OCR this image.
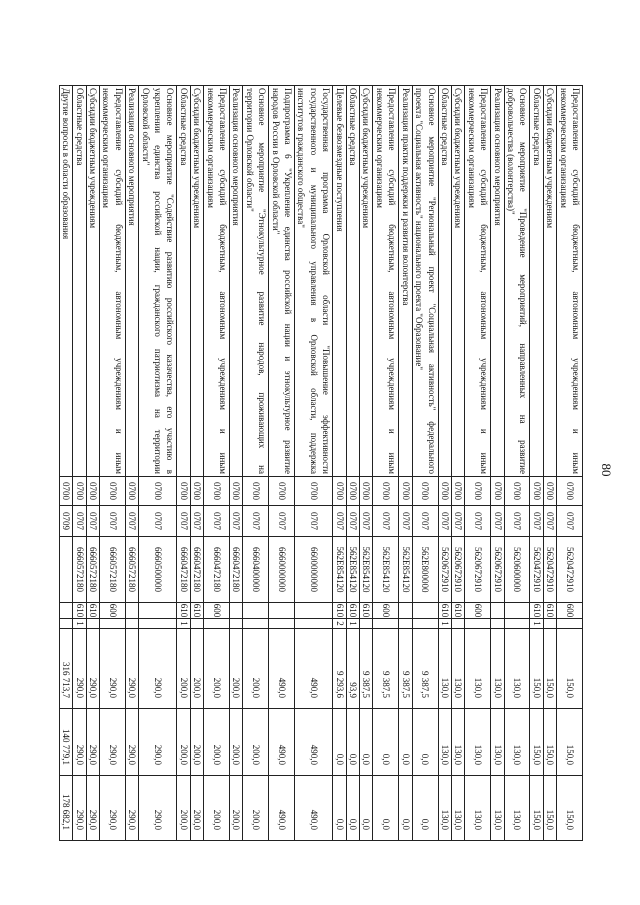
80
Предоставление субсидий бюджетным, автономным учреждениям и иным
некоммерческим организациям	0700	0707	5620472910	600		150,0	150,0	150,0

Субсидии бюджетным учреждениям	0700	0707	5620472910	610		150,0	150,0	150,0

Областные средства	0700	0707	5620472910	610	1	150,0	150,0	150,0

Основное мероприятие "Проведение мероприятий, направленных на развитие
добровольчества (волонтерства)"	0700	0707	5620600000			130,0	130,0	130,0

Реализация основного мероприятия	0700	0707	5620672910			130,0	130,0	130,0

Предоставление субсидий бюджетным, автономным учреждениям и иным
некоммерческим организациям	0700	0707	5620672910	600		130,0	130,0	130,0

Субсидии бюджетным учреждениям	0700	0707	5620672910	610		130,0	130,0	130,0

Областные средства	0700	0707	5620672910	610	1	130,0	130,0	130,0

Основное мероприятие "Региональный проект "Социальная активность" федерального
проекта "Социальная активность" национального проекта "Образование"	0700	0707	562E800000			9 387,5	0,0	0,0

Реализация практик поддержки и развития волонтерства	0700	0707	562E854120			9 387,5	0,0	0,0

Предоставление субсидий бюджетным, автономным учреждениям и иным
некоммерческим организациям	0700	0707	562E854120	600		9 387,5	0,0	0,0

Субсидии бюджетным учреждениям	0700	0707	562E854120	610		9 387,5	0,0	0,0

Областные средства	0700	0707	562E854120	610	1	93,9	0,0	0,0

Целевые безвозмездные поступления	0700	0707	562E854120	610	2	9 293,6	0,0	0,0

Государственная программа Орловской области "Повышение эффективности
государственного и муниципального управления в Орловской области, поддержка
институтов гражданского общества"	0700	0707	6600000000			490,0	490,0	490,0

Подпрограмма 6 "Укрепление единства российской нации и этнокультурное развитие
народов России в Орловской области"	0700	0707	6660000000			490,0	490,0	490,0

Основное мероприятие "Этнокультурное развитие народов, проживающих на
территории Орловской области"	0700	0707	6660400000			200,0	200,0	200,0

Реализация основного мероприятия	0700	0707	6660472180			200,0	200,0	200,0

Предоставление субсидий бюджетным, автономным учреждениям и иным
некоммерческим организациям	0700	0707	6660472180	600		200,0	200,0	200,0

Субсидии бюджетным учреждениям	0700	0707	6660472180	610		200,0	200,0	200,0

Областные средства	0700	0707	6660472180	610	1	200,0	200,0	200,0

Основное мероприятие "Содействие развитию российского казачества, его участию в
укреплении единства российской нации, гражданского патриотизма на территории
Орловской области"	0700	0707	6660500000			290,0	290,0	290,0

Реализация основного мероприятия	0700	0707	6660572180			290,0	290,0	290,0

Предоставление субсидий бюджетным, автономным учреждениям и иным
некоммерческим организациям	0700	0707	6660572180	600		290,0	290,0	290,0

Субсидии бюджетным учреждениям	0700	0707	6660572180	610		290,0	290,0	290,0

Областные средства	0700	0707	6660572180	610	1	290,0	290,0	290,0

Другие вопросы в области образования	0700	0709				316 713,7	140 779,1	178 682,1
